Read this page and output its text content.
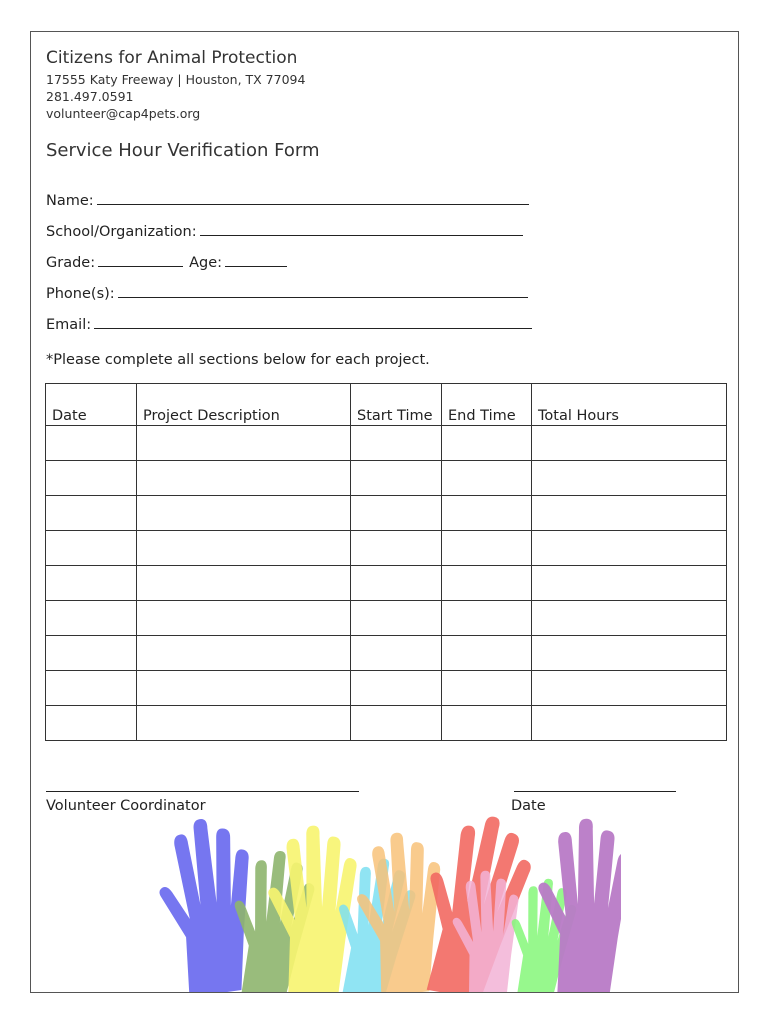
Citizens for Animal Protection
17555 Katy Freeway | Houston, TX 77094
281.497.0591
volunteer@cap4pets.org
Service Hour Verification Form
Name:
School/Organization:
Grade:	Age:
Phone(s):
Email:
*Please complete all sections below for each project.
Date	Project Description	Start Time	End Time	Total Hours

Volunteer Coordinator	Date
